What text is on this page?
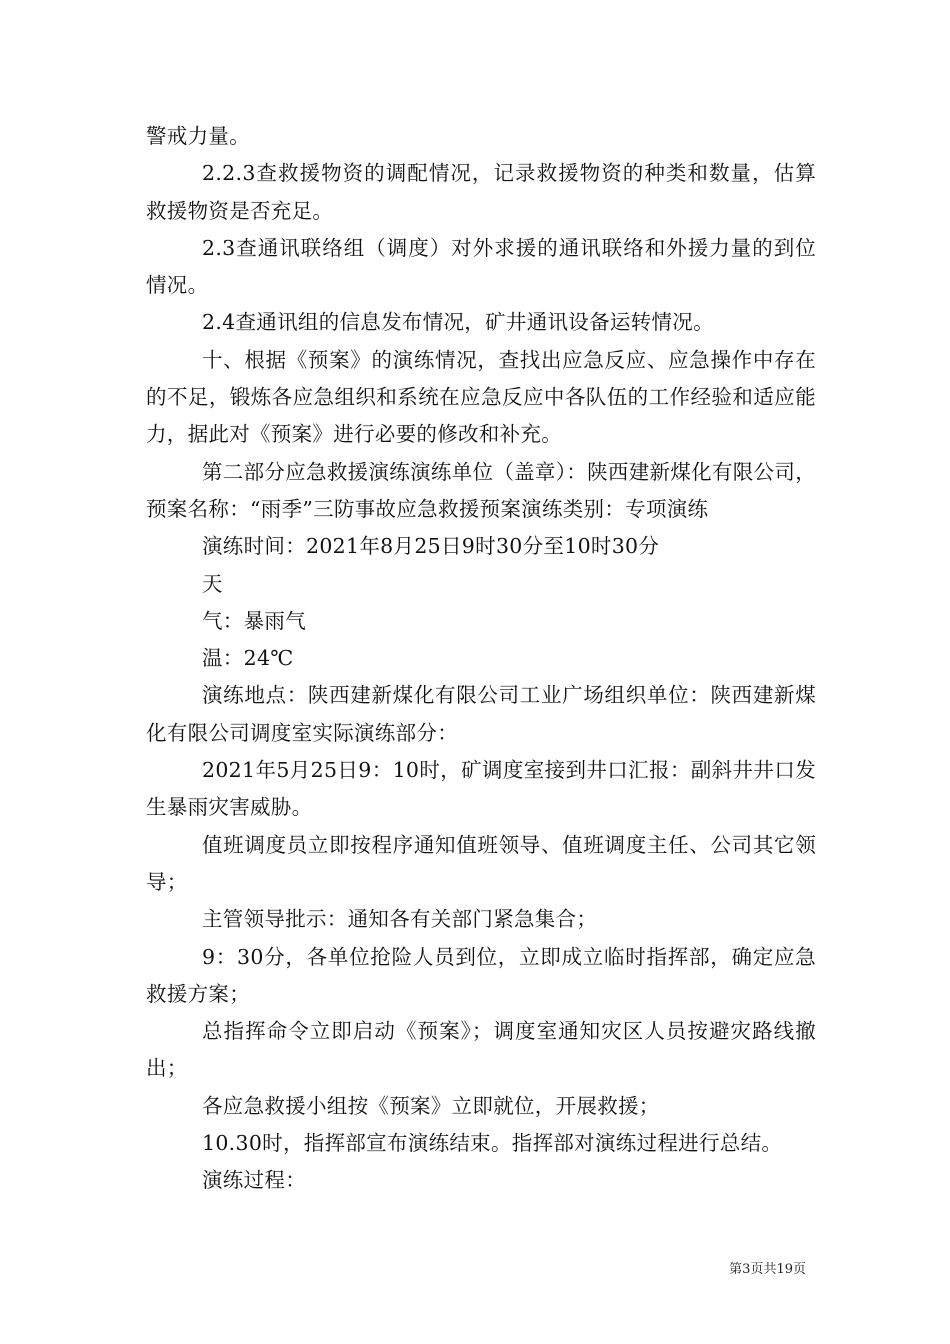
警戒力量。

2.2.3查救援物资的调配情况，记录救援物资的种类和数量，估算救援物资是否充足。

2.3查通讯联络组（调度）对外求援的通讯联络和外援力量的到位情况。

2.4查通讯组的信息发布情况，矿井通讯设备运转情况。

十、根据《预案》的演练情况，查找出应急反应、应急操作中存在的不足，锻炼各应急组织和系统在应急反应中各队伍的工作经验和适应能力，据此对《预案》进行必要的修改和补充。

第二部分应急救援演练演练单位（盖章）：陕西建新煤化有限公司，预案名称：“雨季”三防事故应急救援预案演练类别：专项演练

演练时间：2021年8月25日9时30分至10时30分

天

气：暴雨气

温：24℃

演练地点：陕西建新煤化有限公司工业广场组织单位：陕西建新煤化有限公司调度室实际演练部分：

2021年5月25日9：10时，矿调度室接到井口汇报：副斜井井口发生暴雨灾害威胁。

值班调度员立即按程序通知值班领导、值班调度主任、公司其它领导；

主管领导批示：通知各有关部门紧急集合；

9：30分，各单位抢险人员到位，立即成立临时指挥部，确定应急救援方案；

总指挥命令立即启动《预案》；调度室通知灾区人员按避灾路线撤出；

各应急救援小组按《预案》立即就位，开展救援；

10.30时，指挥部宣布演练结束。指挥部对演练过程进行总结。

演练过程：

第3页共19页
